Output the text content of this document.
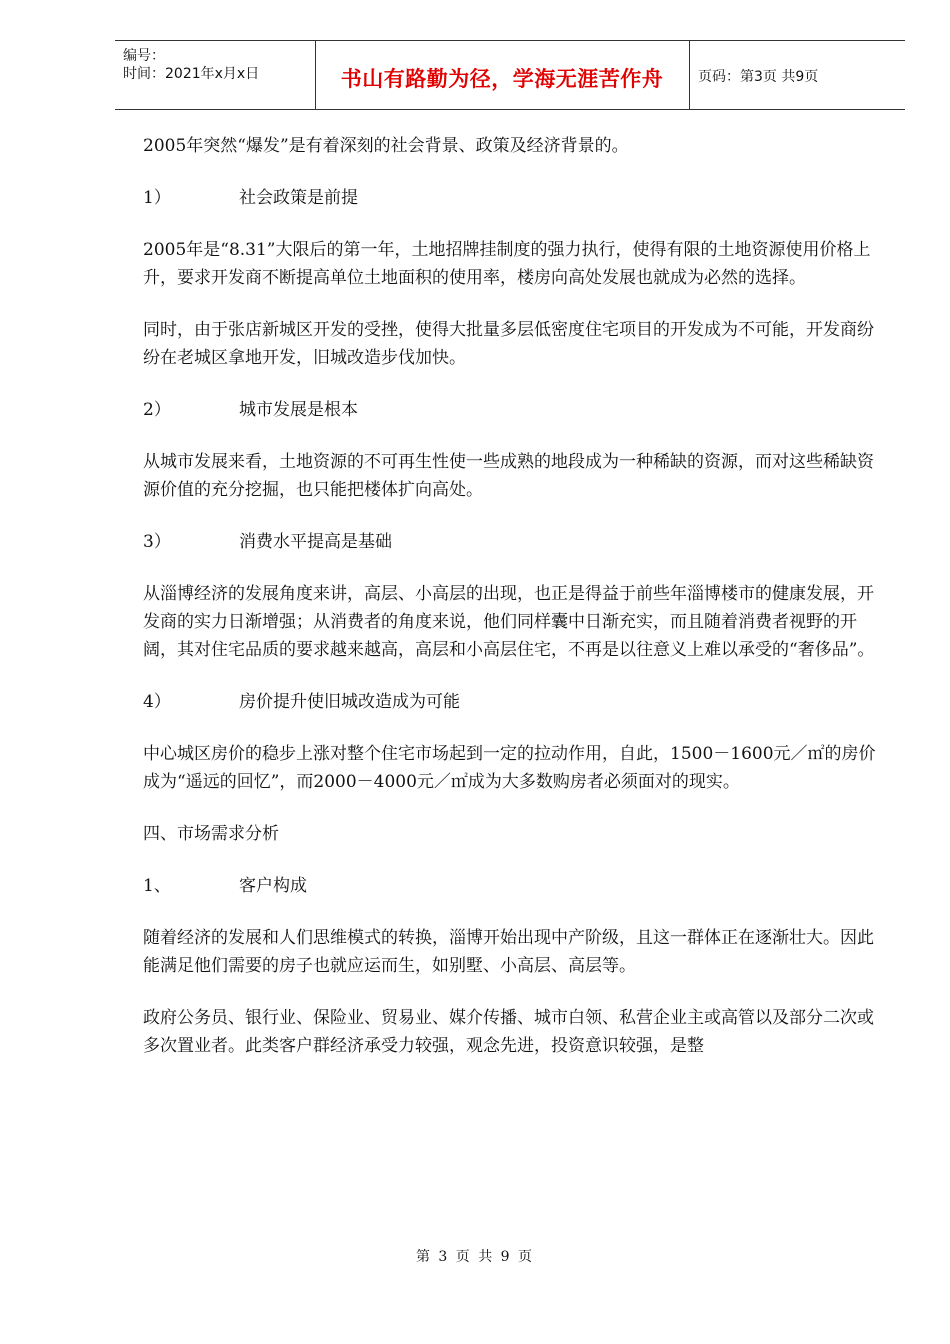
编号：
时间：2021年x月x日	书山有路勤为径，学海无涯苦作舟	页码：第3页 共9页

2005年突然“爆发”是有着深刻的社会背景、政策及经济背景的。

1）	社会政策是前提

2005年是“8.31”大限后的第一年，土地招牌挂制度的强力执行，使得有限的土地资源使用价格上升，要求开发商不断提高单位土地面积的使用率，楼房向高处发展也就成为必然的选择。

同时，由于张店新城区开发的受挫，使得大批量多层低密度住宅项目的开发成为不可能，开发商纷纷在老城区拿地开发，旧城改造步伐加快。

2）	城市发展是根本

从城市发展来看，土地资源的不可再生性使一些成熟的地段成为一种稀缺的资源，而对这些稀缺资源价值的充分挖掘，也只能把楼体扩向高处。

3）	消费水平提高是基础

从淄博经济的发展角度来讲，高层、小高层的出现，也正是得益于前些年淄博楼市的健康发展，开发商的实力日渐增强；从消费者的角度来说，他们同样囊中日渐充实，而且随着消费者视野的开阔，其对住宅品质的要求越来越高，高层和小高层住宅，不再是以往意义上难以承受的“奢侈品”。

4）	房价提升使旧城改造成为可能

中心城区房价的稳步上涨对整个住宅市场起到一定的拉动作用，自此，1500－1600元／㎡的房价成为“遥远的回忆”，而2000－4000元／㎡成为大多数购房者必须面对的现实。

四、市场需求分析

1、	客户构成

随着经济的发展和人们思维模式的转换，淄博开始出现中产阶级，且这一群体正在逐渐壮大。因此能满足他们需要的房子也就应运而生，如别墅、小高层、高层等。

政府公务员、银行业、保险业、贸易业、媒介传播、城市白领、私营企业主或高管以及部分二次或多次置业者。此类客户群经济承受力较强，观念先进，投资意识较强，是整

第 3 页 共 9 页
